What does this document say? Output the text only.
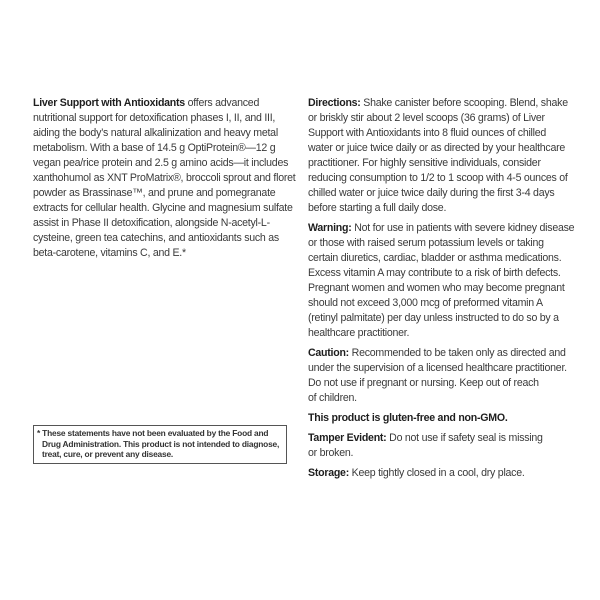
Liver Support with Antioxidants offers advanced
nutritional support for detoxification phases I, II, and III,
aiding the body’s natural alkalinization and heavy metal
metabolism. With a base of 14.5 g OptiProtein®—12 g
vegan pea/rice protein and 2.5 g amino acids—it includes
xanthohumol as XNT ProMatrix®, broccoli sprout and floret
powder as Brassinase™, and prune and pomegranate
extracts for cellular health. Glycine and magnesium sulfate
assist in Phase II detoxification, alongside N-acetyl-L-
cysteine, green tea catechins, and antioxidants such as
beta-carotene, vitamins C, and E.*
* These statements have not been evaluated by the Food and
Drug Administration. This product is not intended to diagnose,
treat, cure, or prevent any disease.
Directions: Shake canister before scooping. Blend, shake
or briskly stir about 2 level scoops (36 grams) of Liver
Support with Antioxidants into 8 fluid ounces of chilled
water or juice twice daily or as directed by your healthcare
practitioner. For highly sensitive individuals, consider
reducing consumption to 1/2 to 1 scoop with 4-5 ounces of
chilled water or juice twice daily during the first 3-4 days
before starting a full daily dose.
Warning: Not for use in patients with severe kidney disease
or those with raised serum potassium levels or taking
certain diuretics, cardiac, bladder or asthma medications.
Excess vitamin A may contribute to a risk of birth defects.
Pregnant women and women who may become pregnant
should not exceed 3,000 mcg of preformed vitamin A
(retinyl palmitate) per day unless instructed to do so by a
healthcare practitioner.
Caution: Recommended to be taken only as directed and
under the supervision of a licensed healthcare practitioner.
Do not use if pregnant or nursing. Keep out of reach
of children.
This product is gluten-free and non-GMO.
Tamper Evident: Do not use if safety seal is missing
or broken.
Storage: Keep tightly closed in a cool, dry place.
